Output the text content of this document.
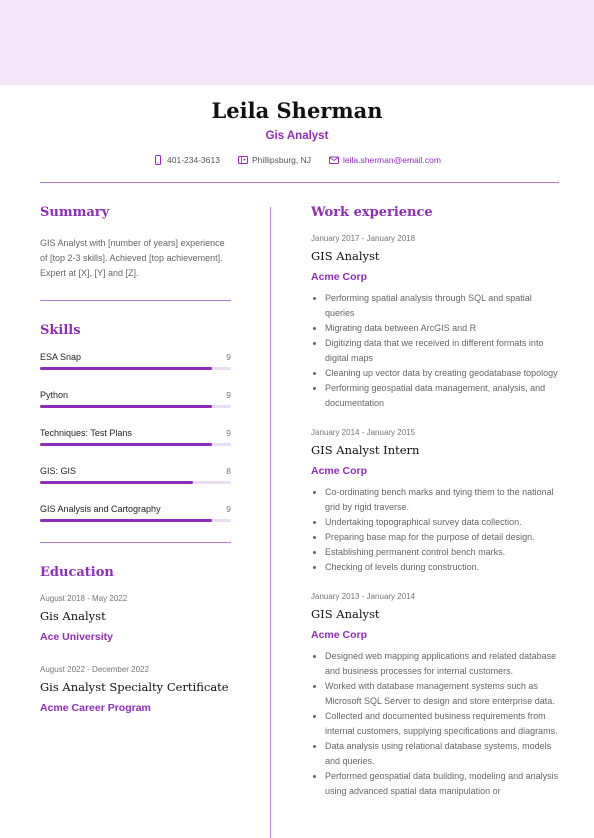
Leila Sherman
Gis Analyst
401-234-3613	Phillipsburg, NJ	leila.sherman@email.com
Summary
GIS Analyst with [number of years] experience of [top 2-3 skills]. Achieved [top achievement]. Expert at [X], [Y] and [Z].
Skills
ESA Snap	9
Python	9
Techniques: Test Plans	9
GIS: GIS	8
GIS Analysis and Cartography	9
Education
August 2018 - May 2022
Gis Analyst
Ace University
August 2022 - December 2022
Gis Analyst Specialty Certificate
Acme Career Program
Work experience
January 2017 - January 2018
GIS Analyst
Acme Corp
• Performing spatial analysis through SQL and spatial queries
• Migrating data between ArcGIS and R
• Digitizing data that we received in different formats into digital maps
• Cleaning up vector data by creating geodatabase topology
• Performing geospatial data management, analysis, and documentation
January 2014 - January 2015
GIS Analyst Intern
Acme Corp
• Co-ordinating bench marks and tying them to the national grid by rigid traverse.
• Undertaking topographical survey data collection.
• Preparing base map for the purpose of detail design.
• Establishing permanent control bench marks.
• Checking of levels during construction.
January 2013 - January 2014
GIS Analyst
Acme Corp
• Designed web mapping applications and related database and business processes for internal customers.
• Worked with database management systems such as Microsoft SQL Server to design and store enterprise data.
• Collected and documented business requirements from internal customers, supplying specifications and diagrams.
• Data analysis using relational database systems, models and queries.
• Performed geospatial data building, modeling and analysis using advanced spatial data manipulation or
